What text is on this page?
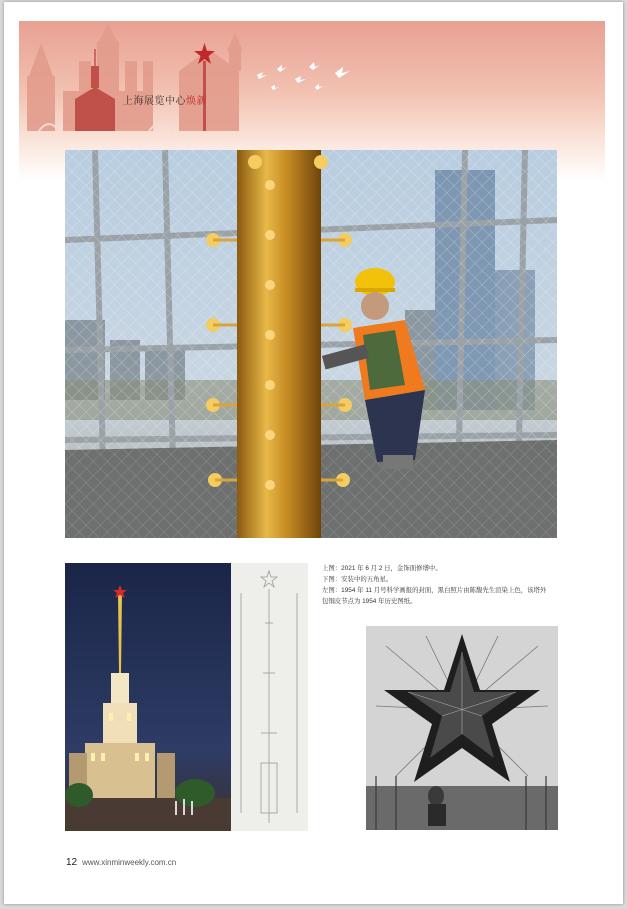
上海展览中心焕新

上图：2021 年 6 月 2 日，金饰面修缮中。

下图：安装中的五角星。

左图：1954 年 11 月号科学画报的封面，黑白照片由陈馥先生渲染上色，该塔外

包铜皮节点为 1954 年历史图纸。

12 www.xinminweekly.com.cn
